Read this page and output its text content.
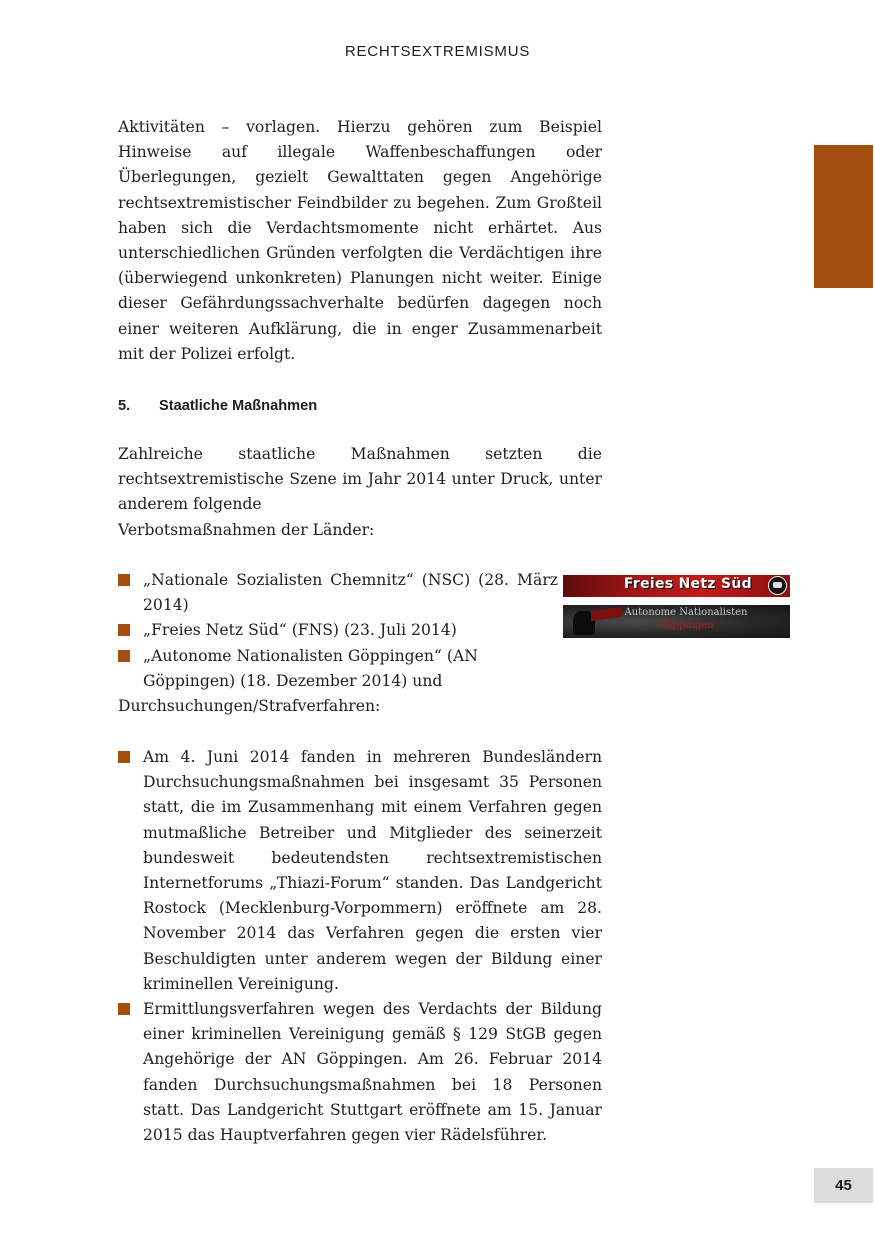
RECHTSEXTREMISMUS

Aktivitäten – vorlagen. Hierzu gehören zum Beispiel Hinweise auf illegale Waffenbeschaffungen oder Überlegungen, gezielt Gewalttaten gegen Angehörige rechtsextremistischer Feindbilder zu begehen. Zum Großteil haben sich die Verdachtsmomente nicht erhärtet. Aus unterschiedlichen Gründen verfolgten die Verdächtigen ihre (überwiegend unkonkreten) Planungen nicht weiter. Einige dieser Gefährdungssachverhalte bedürfen dagegen noch einer weiteren Aufklärung, die in enger Zusammenarbeit mit der Polizei erfolgt.

5. Staatliche Maßnahmen

Zahlreiche staatliche Maßnahmen setzten die rechtsextremistische Szene im Jahr 2014 unter Druck, unter anderem folgende

Verbotsmaßnahmen der Länder:

„Nationale Sozialisten Chemnitz“ (NSC) (28. März 2014)
„Freies Netz Süd“ (FNS) (23. Juli 2014)
„Autonome Nationalisten Göppingen“ (AN Göppingen) (18. Dezember 2014) und
Freies Netz Süd
Autonome Nationalisten
Göppingen

Durchsuchungen/Strafverfahren:

Am 4. Juni 2014 fanden in mehreren Bundesländern Durchsuchungsmaßnahmen bei insgesamt 35 Personen statt, die im Zusammenhang mit einem Verfahren gegen mutmaßliche Betreiber und Mitglieder des seinerzeit bundesweit bedeutendsten rechtsextremistischen Internetforums „Thiazi-Forum“ standen. Das Landgericht Rostock (Mecklenburg-Vorpommern) eröffnete am 28. November 2014 das Verfahren gegen die ersten vier Beschuldigten unter anderem wegen der Bildung einer kriminellen Vereinigung.
Ermittlungsverfahren wegen des Verdachts der Bildung einer kriminellen Vereinigung gemäß § 129 StGB gegen Angehörige der AN Göppingen. Am 26. Februar 2014 fanden Durchsuchungsmaßnahmen bei 18 Personen statt. Das Landgericht Stuttgart eröffnete am 15. Januar 2015 das Hauptverfahren gegen vier Rädelsführer.
45
